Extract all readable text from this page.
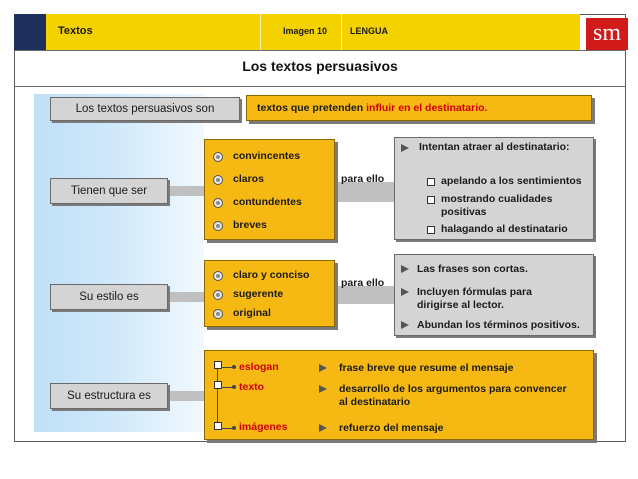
Textos	Imagen 10	LENGUA	sm
Los textos persuasivos
Los textos persuasivos son	textos que pretenden influir en el destinatario.
Tienen que ser
convincentes
claros
contundentes
breves
para ello
Intentan atraer al destinatario:
apelando a los sentimientos
mostrando cualidades
positivas
halagando al destinatario
Su estilo es
claro y conciso
sugerente
original
para ello
Las frases son cortas.
Incluyen fórmulas para
dirigirse al lector.
Abundan los términos positivos.
Su estructura es
eslogan	frase breve que resume el mensaje
texto	desarrollo de los argumentos para convencer
al destinatario
imágenes	refuerzo del mensaje
